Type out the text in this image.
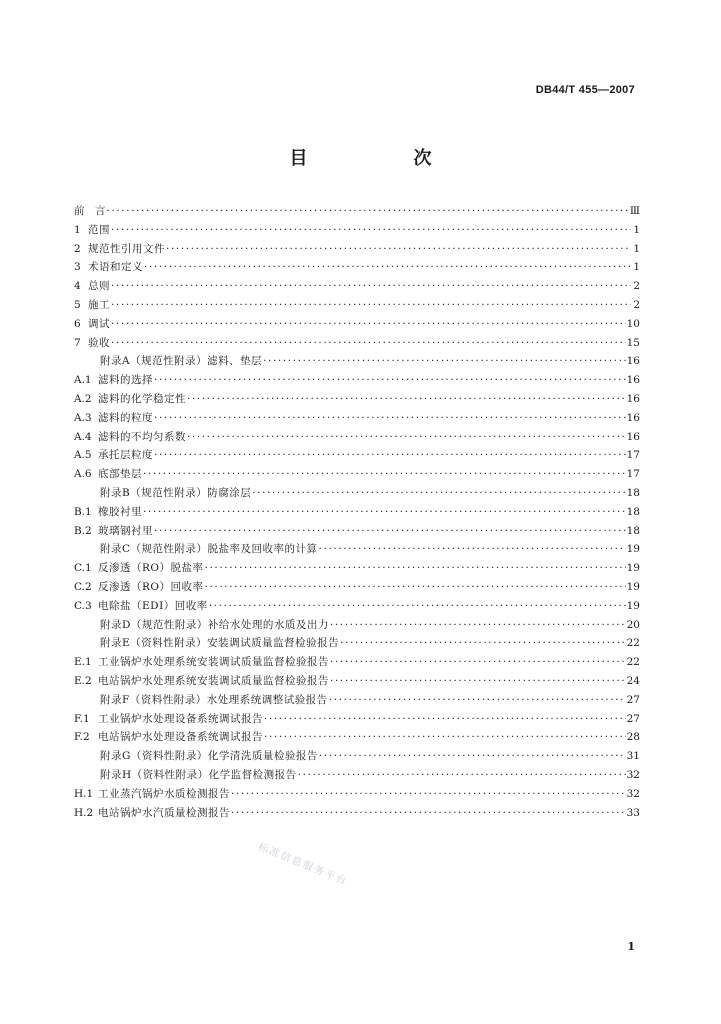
DB44/T 455—2007
目　次
前　言 ·····	Ⅲ
1 范围 ·····	1
2 规范性引用文件 ·····	1
3 术语和定义 ·····	1
4 总则 ·····	2
5 施工 ·····	2
6 调试 ·····	10
7 验收 ·····	15
附录A（规范性附录）滤料、垫层 ·····	16
A.1 滤料的选择 ·····	16
A.2 滤料的化学稳定性 ·····	16
A.3 滤料的粒度 ·····	16
A.4 滤料的不均匀系数 ·····	16
A.5 承托层粒度 ·····	17
A.6 底部垫层 ·····	17
附录B（规范性附录）防腐涂层 ·····	18
B.1 橡胶衬里 ·····	18
B.2 玻璃钢衬里 ·····	18
附录C（规范性附录）脱盐率及回收率的计算 ·····	19
C.1 反渗透（RO）脱盐率 ·····	19
C.2 反渗透（RO）回收率 ·····	19
C.3 电除盐（EDI）回收率 ·····	19
附录D（规范性附录）补给水处理的水质及出力 ·····	20
附录E（资料性附录）安装调试质量监督检验报告 ·····	22
E.1 工业锅炉水处理系统安装调试质量监督检验报告 ·····	22
E.2 电站锅炉水处理系统安装调试质量监督检验报告 ·····	24
附录F（资料性附录）水处理系统调整试验报告 ·····	27
F.1 工业锅炉水处理设备系统调试报告 ·····	27
F.2 电站锅炉水处理设备系统调试报告 ·····	28
附录G（资料性附录）化学清洗质量检验报告 ·····	31
附录H（资料性附录）化学监督检测报告 ·····	32
H.1 工业蒸汽锅炉水质检测报告 ·····	32
H.2 电站锅炉水汽质量检测报告 ·····	33
标准信息服务平台
1
